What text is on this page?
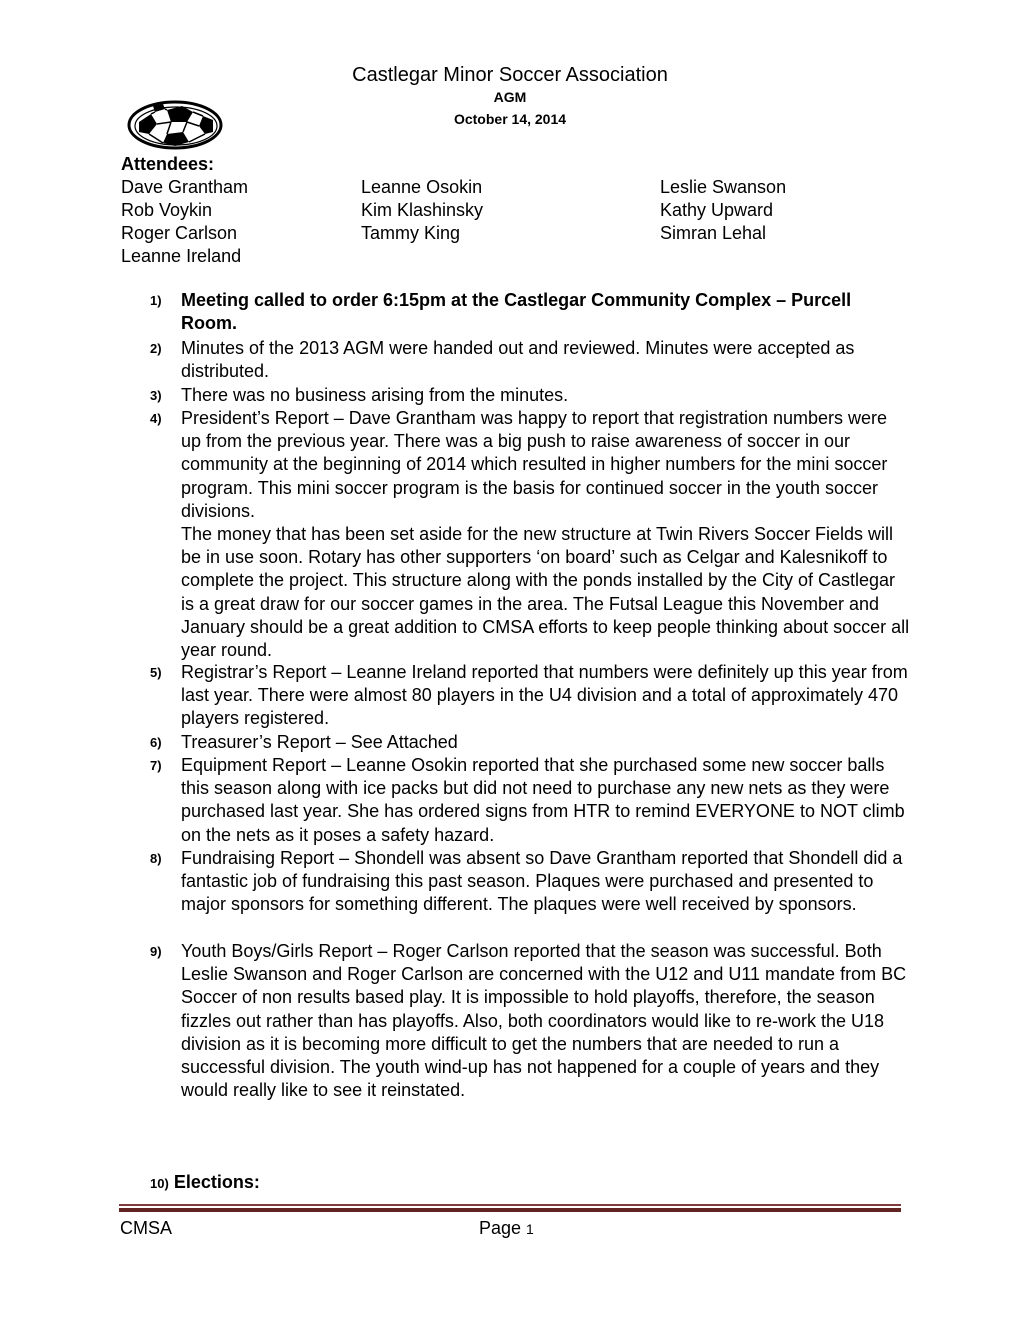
Castlegar Minor Soccer Association
AGM
October 14, 2014
Attendees:
Dave Grantham
Rob Voykin
Roger Carlson
Leanne Ireland
Leanne Osokin
Kim Klashinsky
Tammy King
Leslie Swanson
Kathy Upward
Simran Lehal
1) Meeting called to order 6:15pm at the Castlegar Community Complex – Purcell Room.
2) Minutes of the 2013 AGM were handed out and reviewed. Minutes were accepted as distributed.
3) There was no business arising from the minutes.
4) President’s Report – Dave Grantham was happy to report that registration numbers were up from the previous year. There was a big push to raise awareness of soccer in our community at the beginning of 2014 which resulted in higher numbers for the mini soccer program. This mini soccer program is the basis for continued soccer in the youth soccer divisions.
The money that has been set aside for the new structure at Twin Rivers Soccer Fields will be in use soon. Rotary has other supporters ‘on board’ such as Celgar and Kalesnikoff to complete the project. This structure along with the ponds installed by the City of Castlegar is a great draw for our soccer games in the area. The Futsal League this November and January should be a great addition to CMSA efforts to keep people thinking about soccer all year round.
5) Registrar’s Report – Leanne Ireland reported that numbers were definitely up this year from last year. There were almost 80 players in the U4 division and a total of approximately 470 players registered.
6) Treasurer’s Report – See Attached
7) Equipment Report – Leanne Osokin reported that she purchased some new soccer balls this season along with ice packs but did not need to purchase any new nets as they were purchased last year. She has ordered signs from HTR to remind EVERYONE to NOT climb on the nets as it poses a safety hazard.
8) Fundraising Report – Shondell was absent so Dave Grantham reported that Shondell did a fantastic job of fundraising this past season. Plaques were purchased and presented to major sponsors for something different. The plaques were well received by sponsors.
9) Youth Boys/Girls Report – Roger Carlson reported that the season was successful. Both Leslie Swanson and Roger Carlson are concerned with the U12 and U11 mandate from BC Soccer of non results based play. It is impossible to hold playoffs, therefore, the season fizzles out rather than has playoffs. Also, both coordinators would like to re-work the U18 division as it is becoming more difficult to get the numbers that are needed to run a successful division. The youth wind-up has not happened for a couple of years and they would really like to see it reinstated.
10) Elections:
CMSA	Page 1
